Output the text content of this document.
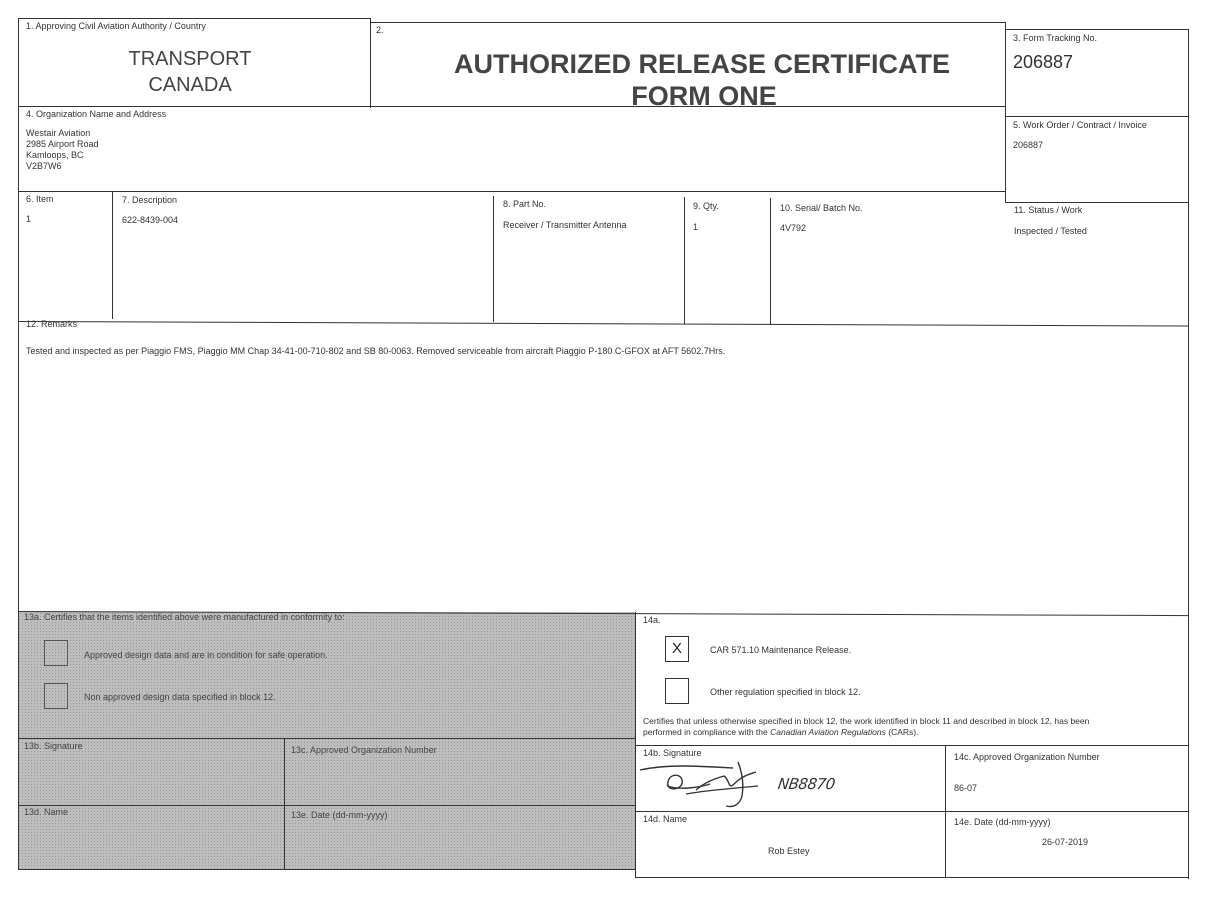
1. Approving Civil Aviation Authority / Country
TRANSPORT
CANADA
2.
AUTHORIZED RELEASE CERTIFICATE
FORM ONE
3. Form Tracking No.
206887
4. Organization Name and Address
Westair Aviation
2985 Airport Road
Kamloops, BC
V2B7W6
5. Work Order / Contract / Invoice
206887
6. Item	7. Description	8. Part No.	9. Qty.	10. Serial/ Batch No.	11. Status / Work
1	622-8439-004	Receiver / Transmitter Antenna	1	4V792	Inspected / Tested
12. Remarks
Tested and inspected as per Piaggio FMS, Piaggio MM Chap 34-41-00-710-802 and SB 80-0063. Removed serviceable from aircraft Piaggio P-180 C-GFOX at AFT 5602.7Hrs.
13a. Certifies that the items identified above were manufactured in conformity to:
Approved design data and are in condition for safe operation.
Non approved design data specified in block 12.
13b. Signature	13c. Approved Organization Number
13d. Name	13e. Date (dd-mm-yyyy)
14a.
X	CAR 571.10 Maintenance Release.
Other regulation specified in block 12.
Certifies that unless otherwise specified in block 12, the work identified in block 11 and described in block 12, has been
performed in compliance with the Canadian Aviation Regulations (CARs).
14b. Signature
NB8870
14c. Approved Organization Number
86-07
14d. Name
Rob Estey
14e. Date (dd-mm-yyyy)
26-07-2019
